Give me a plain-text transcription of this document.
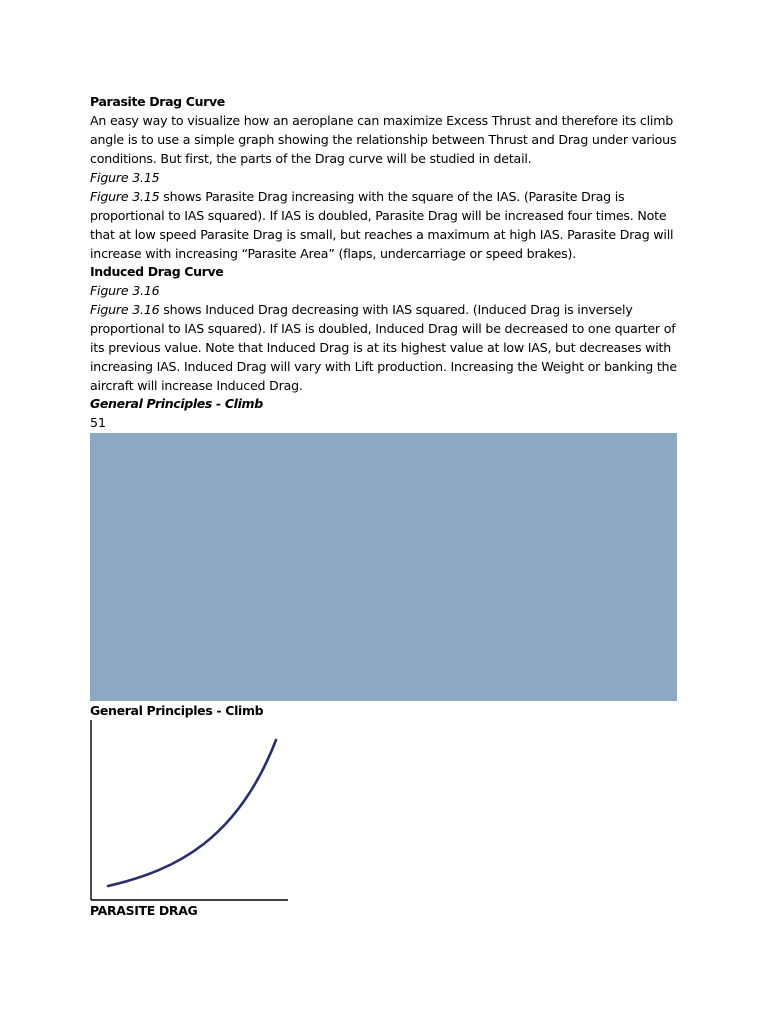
Parasite Drag Curve

An easy way to visualize how an aeroplane can maximize Excess Thrust and therefore its climb angle is to use a simple graph showing the relationship between Thrust and Drag under various conditions. But first, the parts of the Drag curve will be studied in detail.

Figure 3.15

Figure 3.15 shows Parasite Drag increasing with the square of the IAS. (Parasite Drag is proportional to IAS squared). If IAS is doubled, Parasite Drag will be increased four times. Note that at low speed Parasite Drag is small, but reaches a maximum at high IAS. Parasite Drag will increase with increasing “Parasite Area” (flaps, undercarriage or speed brakes).

Induced Drag Curve

Figure 3.16

Figure 3.16 shows Induced Drag decreasing with IAS squared. (Induced Drag is inversely proportional to IAS squared). If IAS is doubled, Induced Drag will be decreased to one quarter of its previous value. Note that Induced Drag is at its highest value at low IAS, but decreases with increasing IAS. Induced Drag will vary with Lift production. Increasing the Weight or banking the aircraft will increase Induced Drag.

General Principles - Climb

51

General Principles - Climb

PARASITE DRAG
